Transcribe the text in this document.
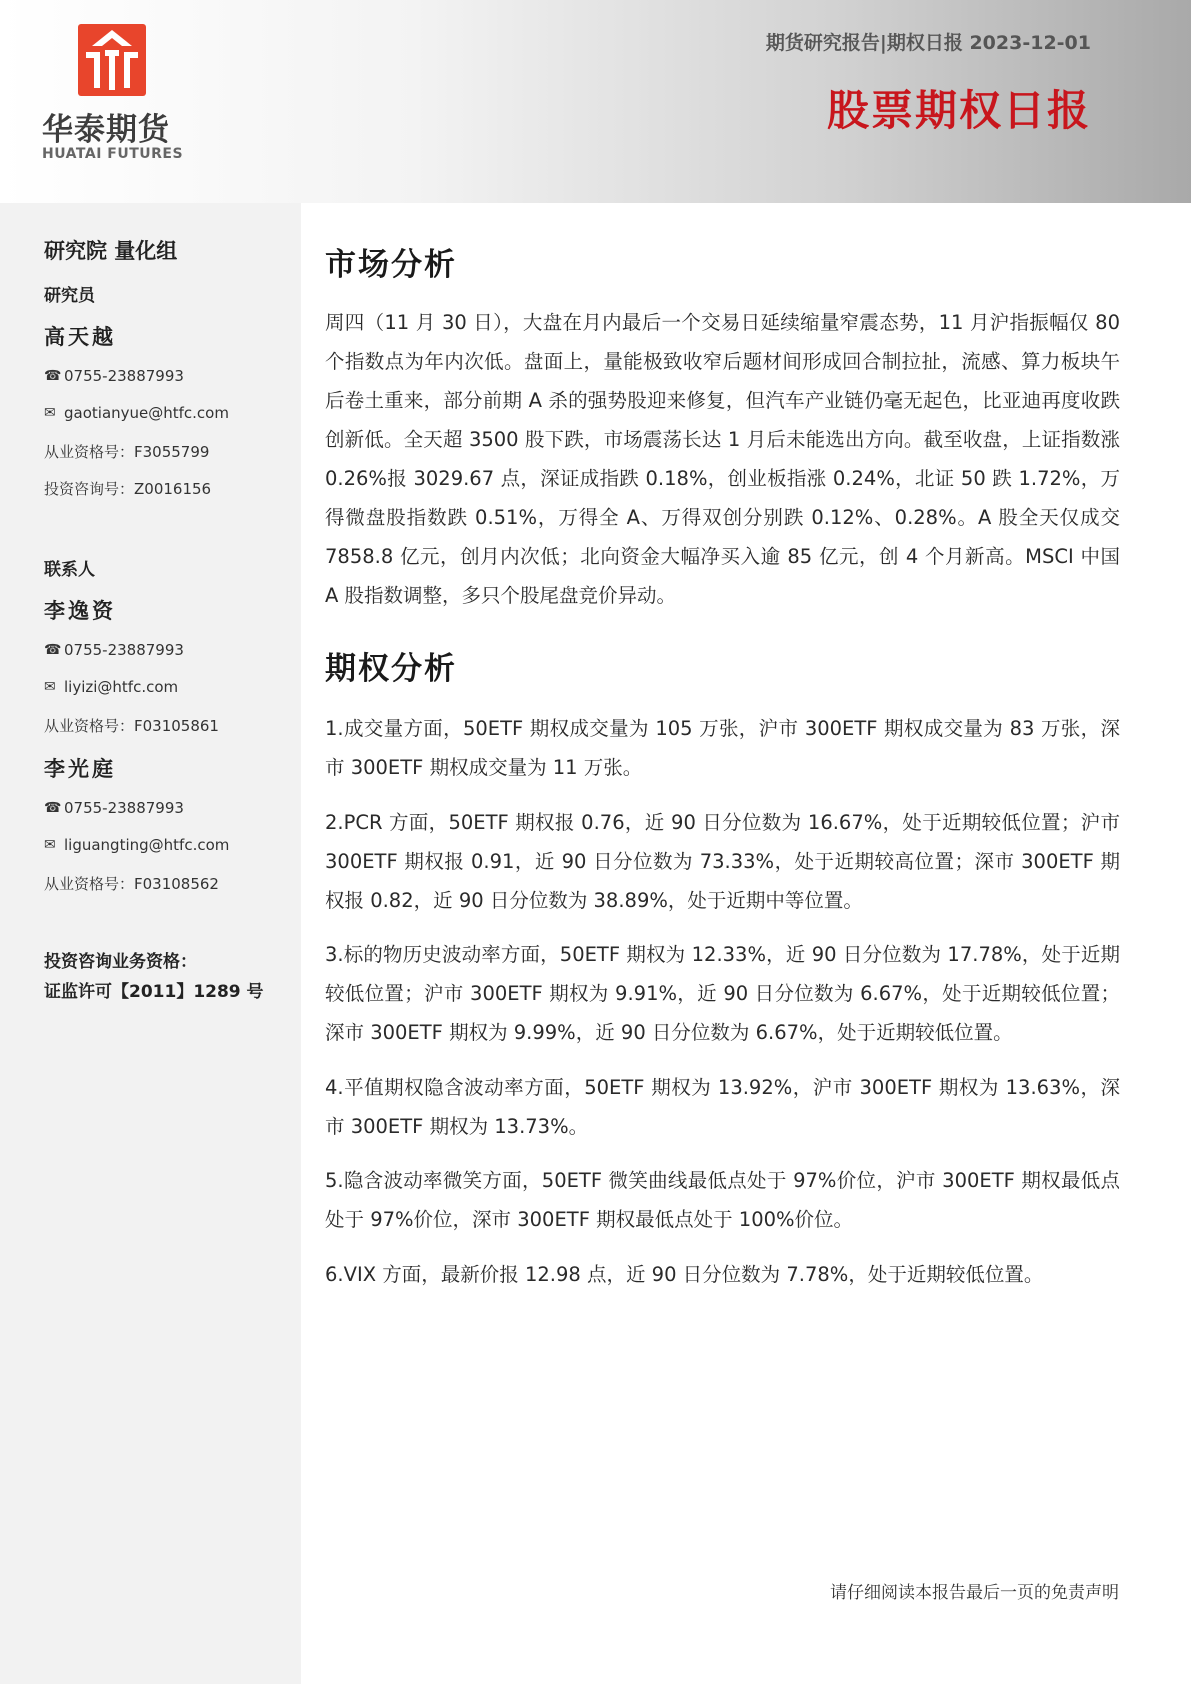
华泰期货
HUATAI FUTURES
期货研究报告|期权日报 2023-12-01
股票期权日报
研究院 量化组
研究员
高天越
☎ 0755-23887993
✉ gaotianyue@htfc.com
从业资格号：F3055799
投资咨询号：Z0016156
联系人
李逸资
☎ 0755-23887993
✉ liyizi@htfc.com
从业资格号：F03105861
李光庭
☎ 0755-23887993
✉ liguangting@htfc.com
从业资格号：F03108562
投资咨询业务资格：
证监许可【2011】1289 号
市场分析
周四（11 月 30 日），大盘在月内最后一个交易日延续缩量窄震态势，11 月沪指振幅仅 80 个指数点为年内次低。盘面上，量能极致收窄后题材间形成回合制拉扯，流感、算力板块午后卷土重来，部分前期 A 杀的强势股迎来修复，但汽车产业链仍毫无起色，比亚迪再度收跌创新低。全天超 3500 股下跌，市场震荡长达 1 月后未能选出方向。截至收盘，上证指数涨 0.26%报 3029.67 点，深证成指跌 0.18%，创业板指涨 0.24%，北证 50 跌 1.72%，万得微盘股指数跌 0.51%，万得全 A、万得双创分别跌 0.12%、0.28%。A 股全天仅成交 7858.8 亿元，创月内次低；北向资金大幅净买入逾 85 亿元，创 4 个月新高。MSCI 中国 A 股指数调整，多只个股尾盘竞价异动。
期权分析
1.成交量方面，50ETF 期权成交量为 105 万张，沪市 300ETF 期权成交量为 83 万张，深市 300ETF 期权成交量为 11 万张。
2.PCR 方面，50ETF 期权报 0.76，近 90 日分位数为 16.67%，处于近期较低位置；沪市 300ETF 期权报 0.91，近 90 日分位数为 73.33%，处于近期较高位置；深市 300ETF 期权报 0.82，近 90 日分位数为 38.89%，处于近期中等位置。
3.标的物历史波动率方面，50ETF 期权为 12.33%，近 90 日分位数为 17.78%，处于近期较低位置；沪市 300ETF 期权为 9.91%，近 90 日分位数为 6.67%，处于近期较低位置；深市 300ETF 期权为 9.99%，近 90 日分位数为 6.67%，处于近期较低位置。
4.平值期权隐含波动率方面，50ETF 期权为 13.92%，沪市 300ETF 期权为 13.63%，深市 300ETF 期权为 13.73%。
5.隐含波动率微笑方面，50ETF 微笑曲线最低点处于 97%价位，沪市 300ETF 期权最低点处于 97%价位，深市 300ETF 期权最低点处于 100%价位。
6.VIX 方面，最新价报 12.98 点，近 90 日分位数为 7.78%，处于近期较低位置。
请仔细阅读本报告最后一页的免责声明
